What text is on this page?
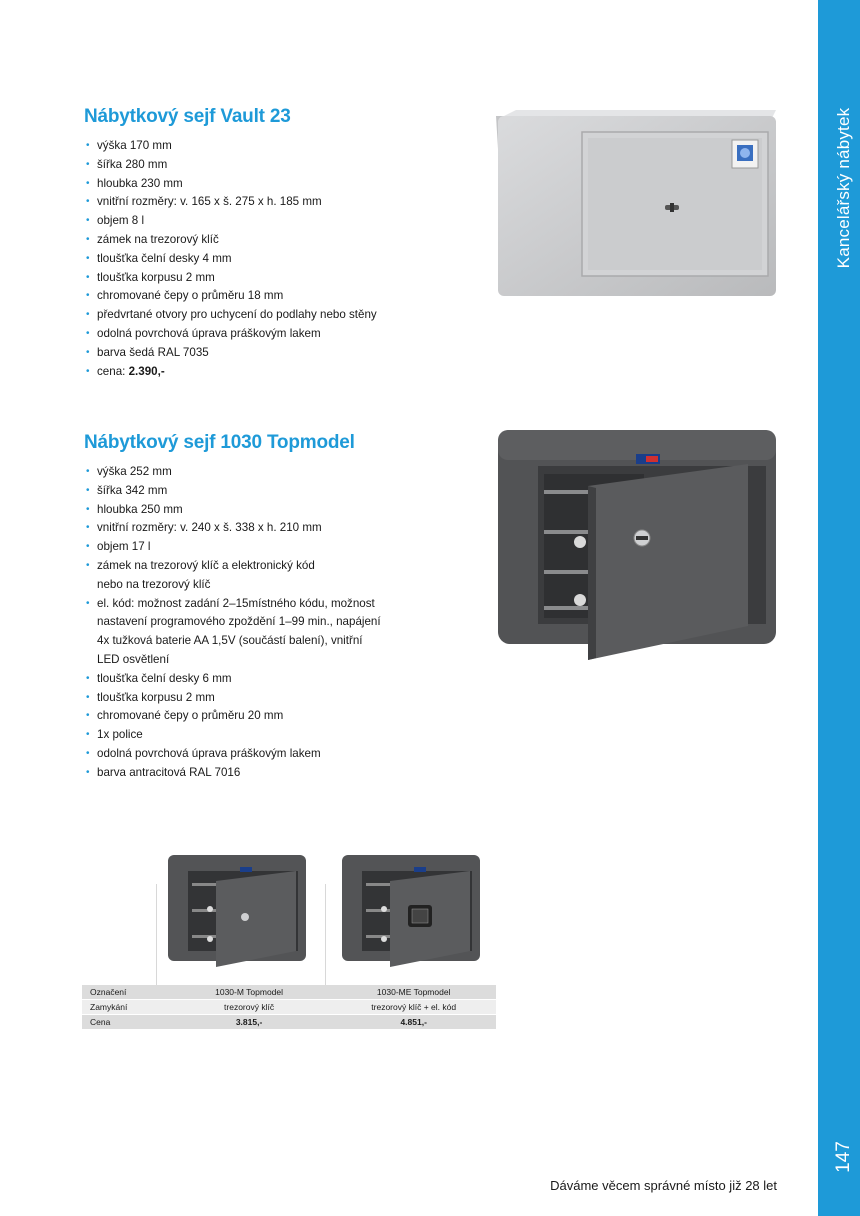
Kancelářský nábytek
147
Nábytkový sejf Vault 23
• výška 170 mm
• šířka 280 mm
• hloubka 230 mm
• vnitřní rozměry: v. 165 x š. 275 x h. 185 mm
• objem 8 l
• zámek na trezorový klíč
• tloušťka čelní desky 4 mm
• tloušťka korpusu 2 mm
• chromované čepy o průměru 18 mm
• předvrtané otvory pro uchycení do podlahy nebo stěny
• odolná povrchová úprava práškovým lakem
• barva šedá RAL 7035
• cena: 2.390,-
Nábytkový sejf 1030 Topmodel
• výška 252 mm
• šířka 342 mm
• hloubka 250 mm
• vnitřní rozměry: v. 240 x š. 338 x h. 210 mm
• objem 17 l
• zámek na trezorový klíč a elektronický kód
nebo na trezorový klíč
• el. kód: možnost zadání 2–15místného kódu, možnost
nastavení programového zpoždění 1–99 min., napájení
4x tužková baterie AA 1,5V (součástí balení), vnitřní
LED osvětlení
• tloušťka čelní desky 6 mm
• tloušťka korpusu 2 mm
• chromované čepy o průměru 20 mm
• 1x police
• odolná povrchová úprava práškovým lakem
• barva antracitová RAL 7016
Označení	1030-M Topmodel	1030-ME Topmodel
Zamykání	trezorový klíč	trezorový klíč + el. kód
Cena	3.815,-	4.851,-
Dáváme věcem správné místo již 28 let
